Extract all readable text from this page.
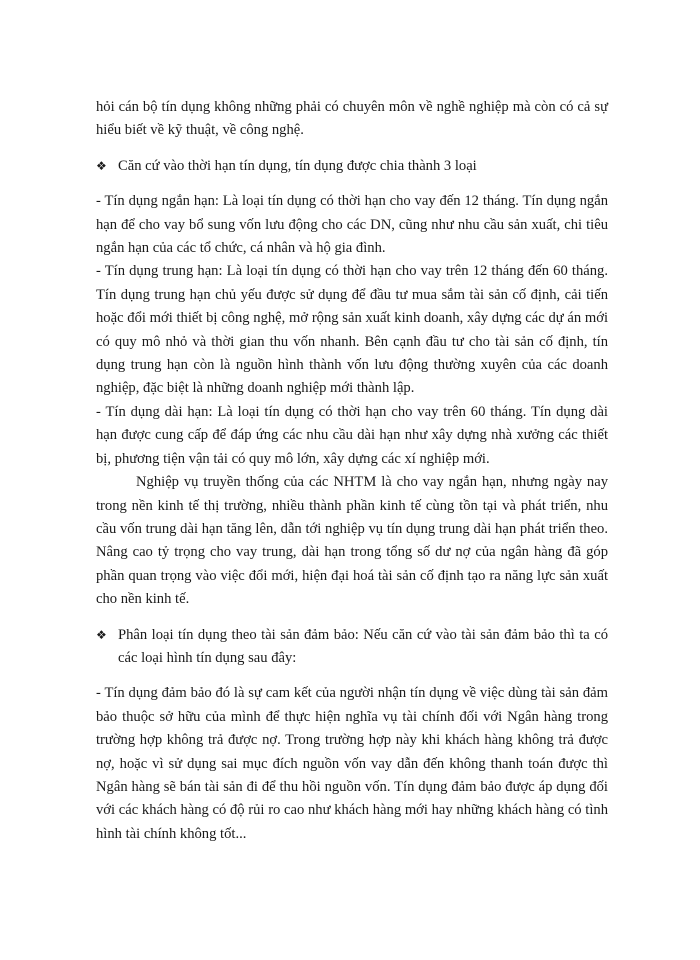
hỏi cán bộ tín dụng không những phải có chuyên môn về nghề nghiệp mà còn có cả sự hiểu biết về kỹ thuật, về công nghệ.

❖ Căn cứ vào thời hạn tín dụng, tín dụng được chia thành 3 loại

- Tín dụng ngắn hạn: Là loại tín dụng có thời hạn cho vay đến 12 tháng. Tín dụng ngắn hạn để cho vay bổ sung vốn lưu động cho các DN, cũng như nhu cầu sản xuất, chi tiêu ngắn hạn của các tổ chức, cá nhân và hộ gia đình.

- Tín dụng trung hạn: Là loại tín dụng có thời hạn cho vay trên 12 tháng đến 60 tháng. Tín dụng trung hạn chủ yếu được sử dụng để đầu tư mua sắm tài sản cố định, cải tiến hoặc đổi mới thiết bị công nghệ, mở rộng sản xuất kinh doanh, xây dựng các dự án mới có quy mô nhỏ và thời gian thu vốn nhanh. Bên cạnh đầu tư cho tài sản cố định, tín dụng trung hạn còn là nguồn hình thành vốn lưu động thường xuyên của các doanh nghiệp, đặc biệt là những doanh nghiệp mới thành lập.

- Tín dụng dài hạn: Là loại tín dụng có thời hạn cho vay trên 60 tháng. Tín dụng dài hạn được cung cấp để đáp ứng các nhu cầu dài hạn như xây dựng nhà xưởng các thiết bị, phương tiện vận tải có quy mô lớn, xây dựng các xí nghiệp mới.

Nghiệp vụ truyền thống của các NHTM là cho vay ngắn hạn, nhưng ngày nay trong nền kinh tế thị trường, nhiều thành phần kinh tế cùng tồn tại và phát triển, nhu cầu vốn trung dài hạn tăng lên, dẫn tới nghiệp vụ tín dụng trung dài hạn phát triển theo. Nâng cao tỷ trọng cho vay trung, dài hạn trong tổng số dư nợ của ngân hàng đã góp phần quan trọng vào việc đổi mới, hiện đại hoá tài sản cố định tạo ra năng lực sản xuất cho nền kinh tế.

❖ Phân loại tín dụng theo tài sản đảm bảo: Nếu căn cứ vào tài sản đảm bảo thì ta có các loại hình tín dụng sau đây:

- Tín dụng đảm bảo đó là sự cam kết của người nhận tín dụng về việc dùng tài sản đảm bảo thuộc sở hữu của mình để thực hiện nghĩa vụ tài chính đối với Ngân hàng trong trường hợp không trả được nợ. Trong trường hợp này khi khách hàng không trả được nợ, hoặc vì sử dụng sai mục đích nguồn vốn vay dẫn đến không thanh toán được thì Ngân hàng sẽ bán tài sản đi để thu hồi nguồn vốn. Tín dụng đảm bảo được áp dụng đối với các khách hàng có độ rủi ro cao như khách hàng mới hay những khách hàng có tình hình tài chính không tốt...
